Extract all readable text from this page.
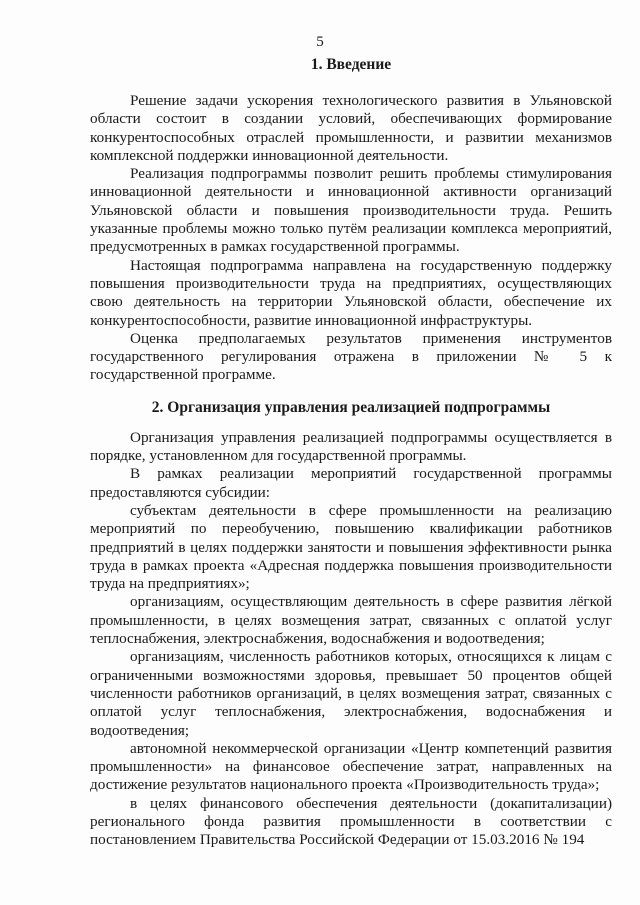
5
1. Введение

Решение задачи ускорения технологического развития в Ульяновской области состоит в создании условий, обеспечивающих формирование конкурентоспособных отраслей промышленности, и развитии механизмов комплексной поддержки инновационной деятельности.

Реализация подпрограммы позволит решить проблемы стимулирования инновационной деятельности и инновационной активности организаций Ульяновской области и повышения производительности труда. Решить указанные проблемы можно только путём реализации комплекса мероприятий, предусмотренных в рамках государственной программы.

Настоящая подпрограмма направлена на государственную поддержку повышения производительности труда на предприятиях, осуществляющих свою деятельность на территории Ульяновской области, обеспечение их конкурентоспособности, развитие инновационной инфраструктуры.

Оценка предполагаемых результатов применения инструментов государственного регулирования отражена в приложении № 5 к государственной программе.

2. Организация управления реализацией подпрограммы

Организация управления реализацией подпрограммы осуществляется в порядке, установленном для государственной программы.

В рамках реализации мероприятий государственной программы предоставляются субсидии:

субъектам деятельности в сфере промышленности на реализацию мероприятий по переобучению, повышению квалификации работников предприятий в целях поддержки занятости и повышения эффективности рынка труда в рамках проекта «Адресная поддержка повышения производительности труда на предприятиях»;

организациям, осуществляющим деятельность в сфере развития лёгкой промышленности, в целях возмещения затрат, связанных с оплатой услуг теплоснабжения, электроснабжения, водоснабжения и водоотведения;

организациям, численность работников которых, относящихся к лицам с ограниченными возможностями здоровья, превышает 50 процентов общей численности работников организаций, в целях возмещения затрат, связанных с оплатой услуг теплоснабжения, электроснабжения, водоснабжения и водоотведения;

автономной некоммерческой организации «Центр компетенций развития промышленности» на финансовое обеспечение затрат, направленных на достижение результатов национального проекта «Производительность труда»;

в целях финансового обеспечения деятельности (докапитализации) регионального фонда развития промышленности в соответствии с постановлением Правительства Российской Федерации от 15.03.2016 № 194
